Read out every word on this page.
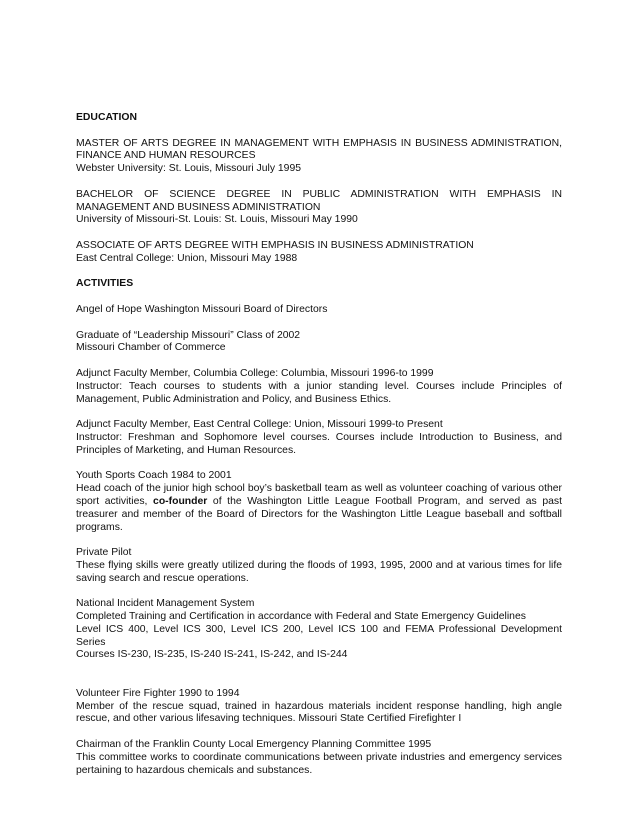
EDUCATION

MASTER OF ARTS DEGREE IN MANAGEMENT WITH EMPHASIS IN BUSINESS ADMINISTRATION, FINANCE AND HUMAN RESOURCES

Webster University: St. Louis, Missouri July 1995

BACHELOR OF SCIENCE DEGREE IN PUBLIC ADMINISTRATION WITH EMPHASIS IN MANAGEMENT AND BUSINESS ADMINISTRATION

University of Missouri-St. Louis: St. Louis, Missouri May 1990

ASSOCIATE OF ARTS DEGREE WITH EMPHASIS IN BUSINESS ADMINISTRATION

East Central College: Union, Missouri May 1988

ACTIVITIES

Angel of Hope Washington Missouri Board of Directors

Graduate of “Leadership Missouri” Class of 2002

Missouri Chamber of Commerce

Adjunct Faculty Member, Columbia College: Columbia, Missouri 1996-to 1999

Instructor: Teach courses to students with a junior standing level. Courses include Principles of Management, Public Administration and Policy, and Business Ethics.

Adjunct Faculty Member, East Central College: Union, Missouri 1999-to Present

Instructor: Freshman and Sophomore level courses. Courses include Introduction to Business, and Principles of Marketing, and Human Resources.

Youth Sports Coach 1984 to 2001

Head coach of the junior high school boy’s basketball team as well as volunteer coaching of various other sport activities, co-founder of the Washington Little League Football Program, and served as past treasurer and member of the Board of Directors for the Washington Little League baseball and softball programs.

Private Pilot

These flying skills were greatly utilized during the floods of 1993, 1995, 2000 and at various times for life saving search and rescue operations.

National Incident Management System

Completed Training and Certification in accordance with Federal and State Emergency Guidelines

Level ICS 400, Level ICS 300, Level ICS 200, Level ICS 100 and FEMA Professional Development Series

Courses IS-230, IS-235, IS-240 IS-241, IS-242, and IS-244

Volunteer Fire Fighter 1990 to 1994

Member of the rescue squad, trained in hazardous materials incident response handling, high angle rescue, and other various lifesaving techniques. Missouri State Certified Firefighter I

Chairman of the Franklin County Local Emergency Planning Committee 1995

This committee works to coordinate communications between private industries and emergency services pertaining to hazardous chemicals and substances.
